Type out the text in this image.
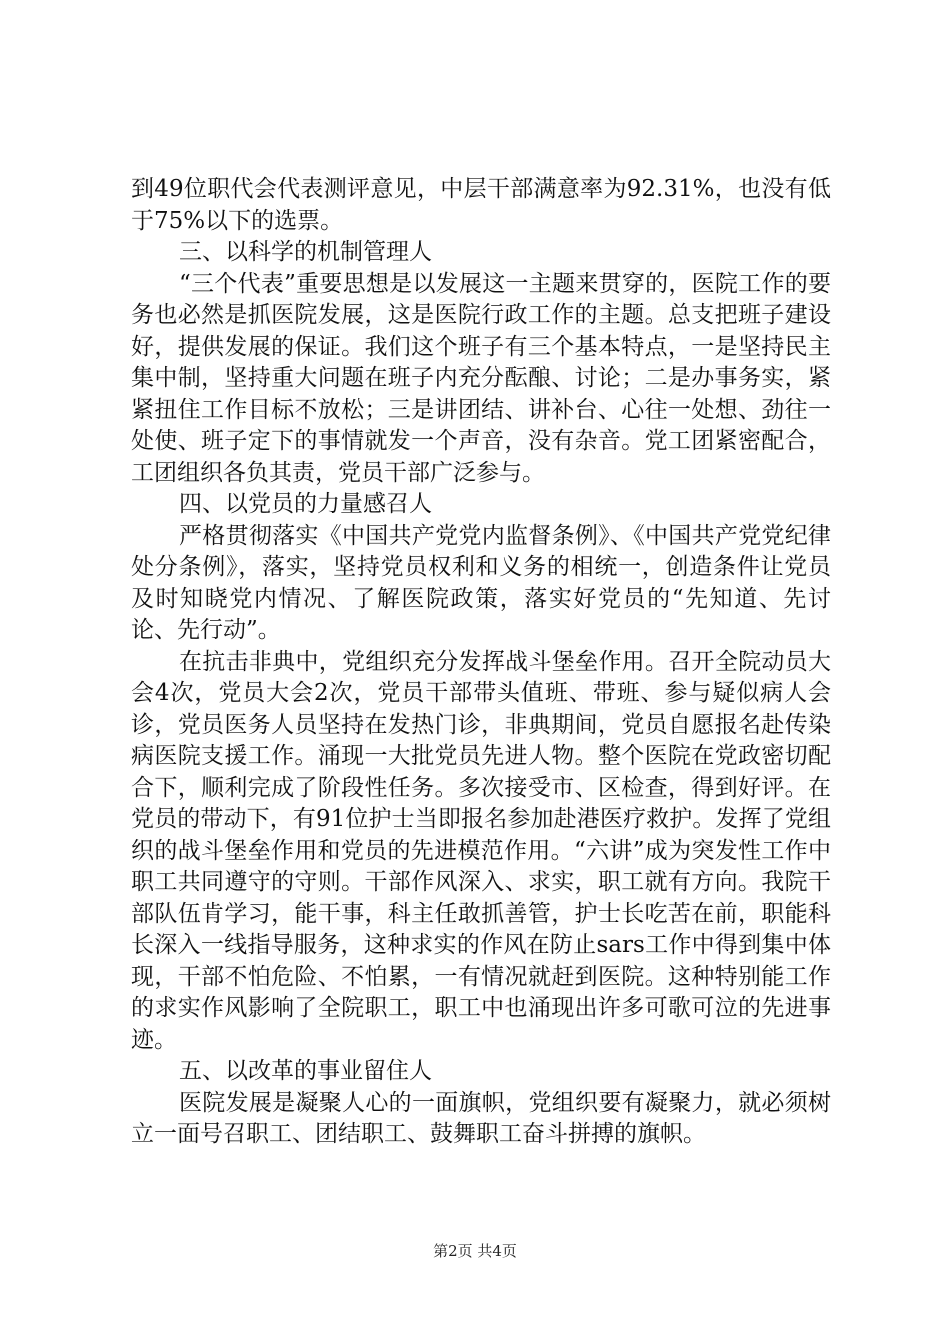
到49位职代会代表测评意见，中层干部满意率为92.31%，也没有低于75%以下的选票。

三、以科学的机制管理人

“三个代表”重要思想是以发展这一主题来贯穿的，医院工作的要务也必然是抓医院发展，这是医院行政工作的主题。总支把班子建设好，提供发展的保证。我们这个班子有三个基本特点，一是坚持民主集中制，坚持重大问题在班子内充分酝酿、讨论；二是办事务实，紧紧扭住工作目标不放松；三是讲团结、讲补台、心往一处想、劲往一处使、班子定下的事情就发一个声音，没有杂音。党工团紧密配合，工团组织各负其责，党员干部广泛参与。

四、以党员的力量感召人

严格贯彻落实《中国共产党党内监督条例》、《中国共产党党纪律处分条例》，落实，坚持党员权利和义务的相统一，创造条件让党员及时知晓党内情况、了解医院政策，落实好党员的“先知道、先讨论、先行动”。

在抗击非典中，党组织充分发挥战斗堡垒作用。召开全院动员大会4次，党员大会2次，党员干部带头值班、带班、参与疑似病人会诊，党员医务人员坚持在发热门诊，非典期间，党员自愿报名赴传染病医院支援工作。涌现一大批党员先进人物。整个医院在党政密切配合下，顺利完成了阶段性任务。多次接受市、区检查，得到好评。在党员的带动下，有91位护士当即报名参加赴港医疗救护。发挥了党组织的战斗堡垒作用和党员的先进模范作用。“六讲”成为突发性工作中职工共同遵守的守则。干部作风深入、求实，职工就有方向。我院干部队伍肯学习，能干事，科主任敢抓善管，护士长吃苦在前，职能科长深入一线指导服务，这种求实的作风在防止sars工作中得到集中体现，干部不怕危险、不怕累，一有情况就赶到医院。这种特别能工作的求实作风影响了全院职工，职工中也涌现出许多可歌可泣的先进事迹。

五、以改革的事业留住人

医院发展是凝聚人心的一面旗帜，党组织要有凝聚力，就必须树立一面号召职工、团结职工、鼓舞职工奋斗拼搏的旗帜。

第2页 共4页
